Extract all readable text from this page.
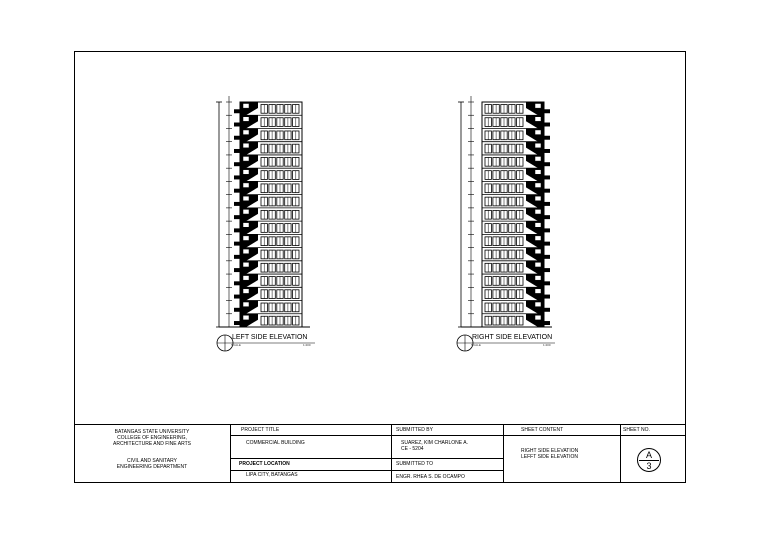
LEFT SIDE ELEVATION
SCALE	1:200
RIGHT SIDE ELEVATION
SCALE	1:200
BATANGAS STATE UNIVERSITY
COLLEGE OF ENGINEERING,
ARCHITECTURE AND FINE ARTS
CIVIL AND SANITARY
ENGINEERING DEPARTMENT
PROJECT TITLE
COMMERCIAL BUILDING
PROJECT LOCATION
LIPA CITY, BATANGAS
SUBMITTED BY
SUAREZ, KIM CHARLONE A.
CE - 5204
SUBMITTED TO
ENGR. RHEA S. DE OCAMPO
SHEET CONTENT
RIGHT SIDE ELEVATION
LEFFT SIDE ELEVATION
SHEET NO.
A
3
